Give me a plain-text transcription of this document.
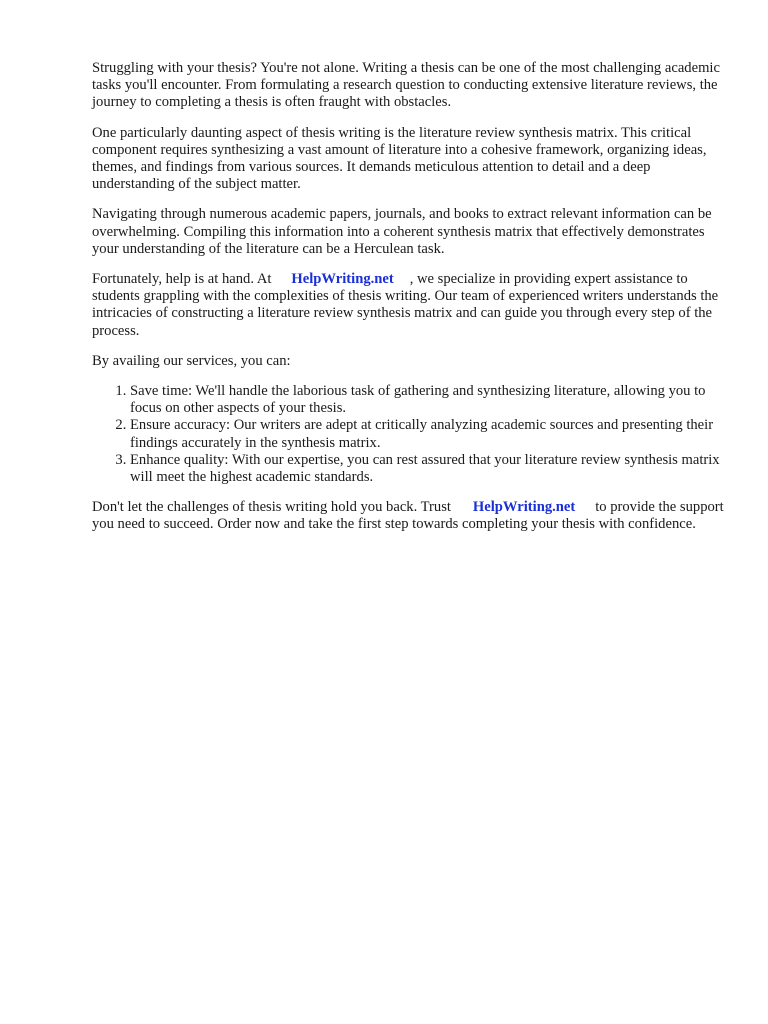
Struggling with your thesis? You're not alone. Writing a thesis can be one of the most challenging academic tasks you'll encounter. From formulating a research question to conducting extensive literature reviews, the journey to completing a thesis is often fraught with obstacles.

One particularly daunting aspect of thesis writing is the literature review synthesis matrix. This critical component requires synthesizing a vast amount of literature into a cohesive framework, organizing ideas, themes, and findings from various sources. It demands meticulous attention to detail and a deep understanding of the subject matter.

Navigating through numerous academic papers, journals, and books to extract relevant information can be overwhelming. Compiling this information into a coherent synthesis matrix that effectively demonstrates your understanding of the literature can be a Herculean task.

Fortunately, help is at hand. At HelpWriting.net , we specialize in providing expert assistance to students grappling with the complexities of thesis writing. Our team of experienced writers understands the intricacies of constructing a literature review synthesis matrix and can guide you through every step of the process.

By availing our services, you can:

1. Save time: We'll handle the laborious task of gathering and synthesizing literature, allowing you to focus on other aspects of your thesis.
2. Ensure accuracy: Our writers are adept at critically analyzing academic sources and presenting their findings accurately in the synthesis matrix.
3. Enhance quality: With our expertise, you can rest assured that your literature review synthesis matrix will meet the highest academic standards.

Don't let the challenges of thesis writing hold you back. Trust HelpWriting.net to provide the support you need to succeed. Order now and take the first step towards completing your thesis with confidence.
